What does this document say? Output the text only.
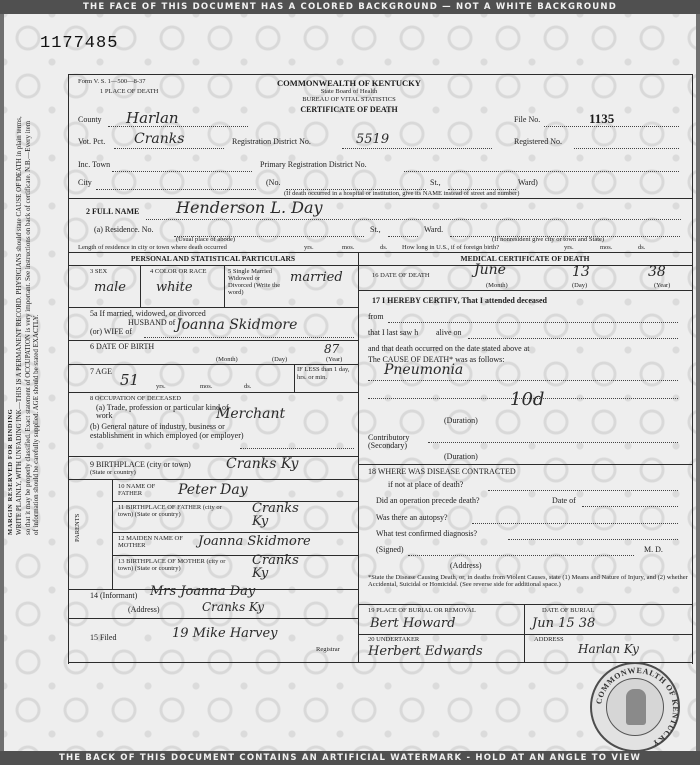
THE FACE OF THIS DOCUMENT HAS A COLORED BACKGROUND — NOT A WHITE BACKGROUND
1177485
MARGIN RESERVED FOR BINDING WRITE PLAINLY, WITH UNFADING INK—THIS IS A PERMANENT RECORD. PHYSICIANS should state CAUSE OF DEATH in plain terms, so that it may be properly classified. Exact statement of OCCUPATION is very important. See instructions on back of certificate. N.B.—Every item of information should be carefully supplied. AGE should be stated EXACTLY.
Form V. S. 1—500—8-37
1 PLACE OF DEATH
COMMONWEALTH OF KENTUCKY
State Board of Health
BUREAU OF VITAL STATISTICS
CERTIFICATE OF DEATH
County Harlan	File No.	1135
Vot. Pct. Cranks	Registration District No.	5519	Registered No.
Inc. Town	Primary Registration District No.
City	(No.	St.,	Ward)
(If death occurred in a hospital or institution, give its NAME instead of street and number)
2 FULL NAME Henderson L. Day
(a) Residence. No.	St.,	Ward.
(Usual place of abode)	(If nonresident give city or town and State)
Length of residence in city or town where death occurred	yrs.	mos.	ds. How long in U.S., if of foreign birth?	yrs.	mos.	ds.
PERSONAL AND STATISTICAL PARTICULARS
3 SEX
male
4 COLOR OR RACE
white
5 Single Married Widowed or Divorced (Write the word)
married
5a If married, widowed, or divorced
HUSBAND of
(or) WIFE of	Joanna Skidmore
6 DATE OF BIRTH	87
(Month)	(Day)	(Year)
7 AGE 51	yrs.	mos.	ds.
IF LESS than 1 day, hrs. or min.
8 OCCUPATION OF DECEASED
(a) Trade, profession or particular kind of work	Merchant
(b) General nature of industry, business or establishment in which employed (or employer)
9 BIRTHPLACE (city or town)
(State or country)
Cranks Ky
PARENTS
10 NAME OF FATHER	Peter Day
11 BIRTHPLACE OF FATHER (city or town) (State or country)	Cranks Ky
12 MAIDEN NAME OF MOTHER	Joanna Skidmore
13 BIRTHPLACE OF MOTHER (city or town) (State or country)
Cranks Ky
14 (Informant) Mrs Joanna Day
(Address)	Cranks Ky
15 Filed	19 Mike Harvey
Registrar
MEDICAL CERTIFICATE OF DEATH
16 DATE OF DEATH	June	13	38
(Month)	(Day)	(Year)
17 I HEREBY CERTIFY, That I attended deceased
from
that I last saw h alive on
and that death occurred on the date stated above at
The CAUSE OF DEATH* was as follows:
Pneumonia
10d
(Duration)
Contributory (Secondary)
(Duration)
18 WHERE WAS DISEASE CONTRACTED
if not at place of death?
Did an operation precede death?	Date of
Was there an autopsy?
What test confirmed diagnosis?
(Signed)	M. D.
(Address)
*State the Disease Causing Death, or, in deaths from Violent Causes, state (1) Means and Nature of Injury, and (2) whether Accidental, Suicidal or Homicidal. (See reverse side for additional space.)
19 PLACE OF BURIAL OR REMOVAL
Bert Howard
DATE OF BURIAL
Jun 15 38
20 UNDERTAKER
Herbert Edwards
ADDRESS
Harlan Ky
COMMONWEALTH OF KENTUCKY
THE BACK OF THIS DOCUMENT CONTAINS AN ARTIFICIAL WATERMARK - HOLD AT AN ANGLE TO VIEW
